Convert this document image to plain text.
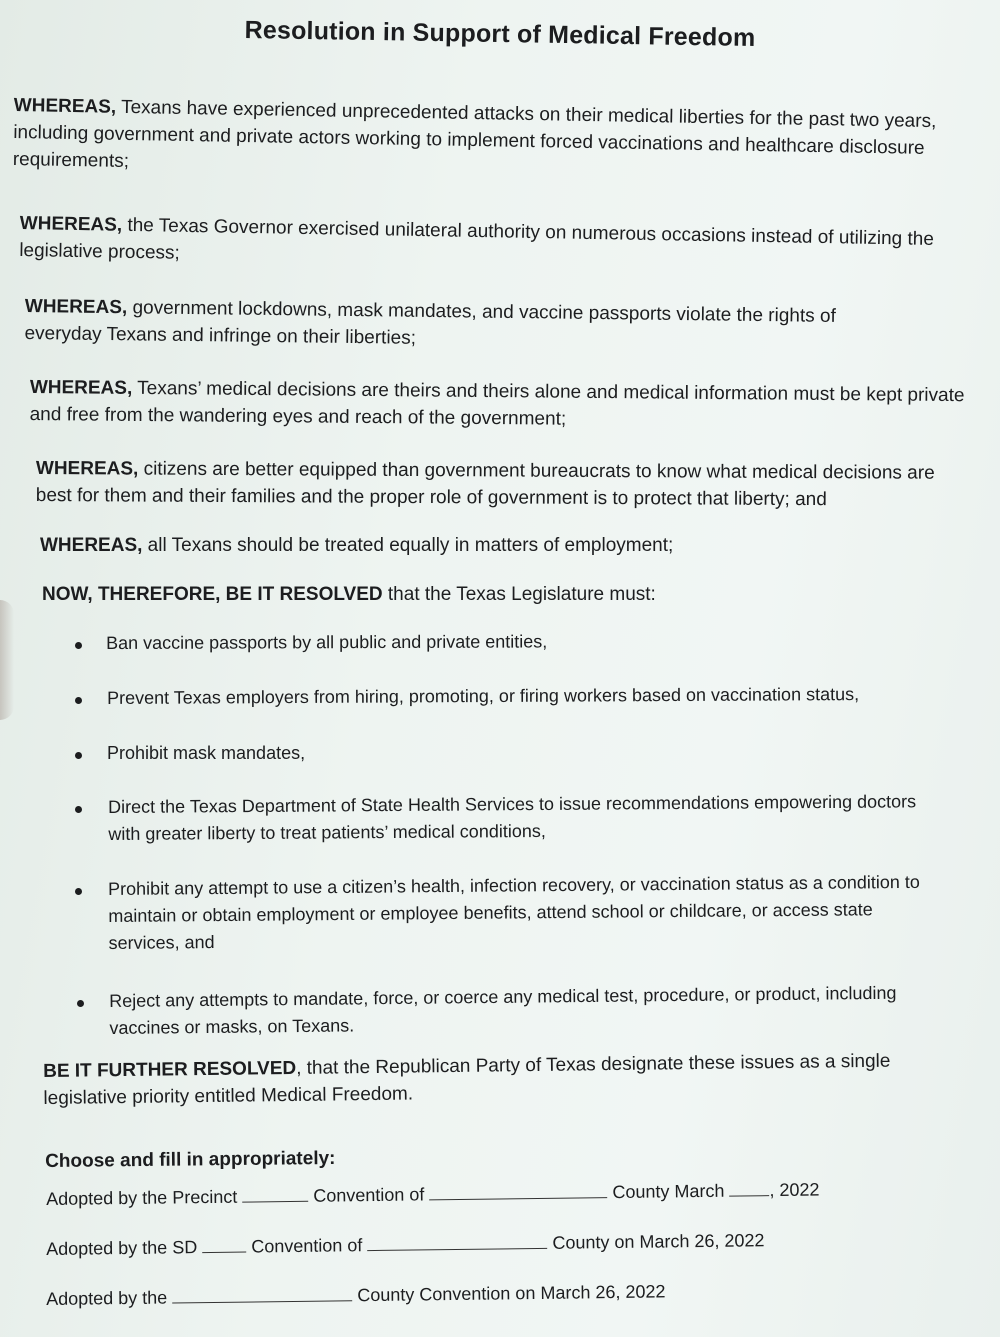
Resolution in Support of Medical Freedom
WHEREAS, Texans have experienced unprecedented attacks on their medical liberties for the past two years, including government and private actors working to implement forced vaccinations and healthcare disclosure requirements;
WHEREAS, the Texas Governor exercised unilateral authority on numerous occasions instead of utilizing the legislative process;
WHEREAS, government lockdowns, mask mandates, and vaccine passports violate the rights of everyday Texans and infringe on their liberties;
WHEREAS, Texans’ medical decisions are theirs and theirs alone and medical information must be kept private and free from the wandering eyes and reach of the government;
WHEREAS, citizens are better equipped than government bureaucrats to know what medical decisions are best for them and their families and the proper role of government is to protect that liberty; and
WHEREAS, all Texans should be treated equally in matters of employment;
NOW, THEREFORE, BE IT RESOLVED that the Texas Legislature must:
Ban vaccine passports by all public and private entities,
Prevent Texas employers from hiring, promoting, or firing workers based on vaccination status,
Prohibit mask mandates,
Direct the Texas Department of State Health Services to issue recommendations empowering doctors with greater liberty to treat patients’ medical conditions,
Prohibit any attempt to use a citizen’s health, infection recovery, or vaccination status as a condition to maintain or obtain employment or employee benefits, attend school or childcare, or access state services, and
Reject any attempts to mandate, force, or coerce any medical test, procedure, or product, including vaccines or masks, on Texans.
BE IT FURTHER RESOLVED, that the Republican Party of Texas designate these issues as a single legislative priority entitled Medical Freedom.
Choose and fill in appropriately:
Adopted by the Precinct	Convention of	County March , 2022
Adopted by the SD	Convention of	County on March 26, 2022
Adopted by the	County Convention on March 26, 2022
